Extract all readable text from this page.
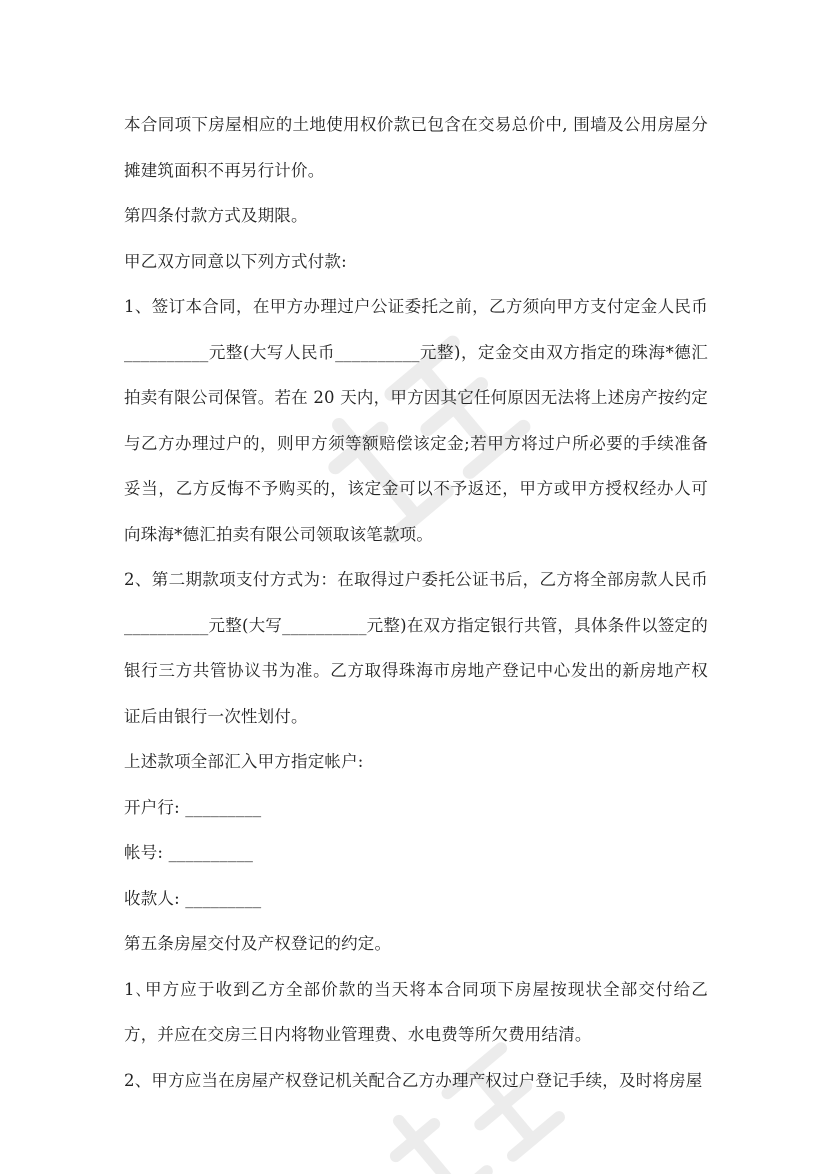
本合同项下房屋相应的土地使用权价款已包含在交易总价中, 围墙及公用房屋分摊建筑面积不再另行计价。

第四条付款方式及期限。

甲乙双方同意以下列方式付款:

1、签订本合同，在甲方办理过户公证委托之前，乙方须向甲方支付定金人民币__________元整(大写人民币__________元整)，定金交由双方指定的珠海*德汇拍卖有限公司保管。若在 20 天内，甲方因其它任何原因无法将上述房产按约定与乙方办理过户的，则甲方须等额赔偿该定金;若甲方将过户所必要的手续准备妥当，乙方反悔不予购买的，该定金可以不予返还，甲方或甲方授权经办人可向珠海*德汇拍卖有限公司领取该笔款项。

2、第二期款项支付方式为：在取得过户委托公证书后，乙方将全部房款人民币__________元整(大写__________元整)在双方指定银行共管，具体条件以签定的银行三方共管协议书为准。乙方取得珠海市房地产登记中心发出的新房地产权证后由银行一次性划付。

上述款项全部汇入甲方指定帐户:

开户行: _________

帐号: __________

收款人: _________

第五条房屋交付及产权登记的约定。

1､甲方应于收到乙方全部价款的当天将本合同项下房屋按现状全部交付给乙方，并应在交房三日内将物业管理费、水电费等所欠费用结清。

2、甲方应当在房屋产权登记机关配合乙方办理产权过户登记手续，及时将房屋
